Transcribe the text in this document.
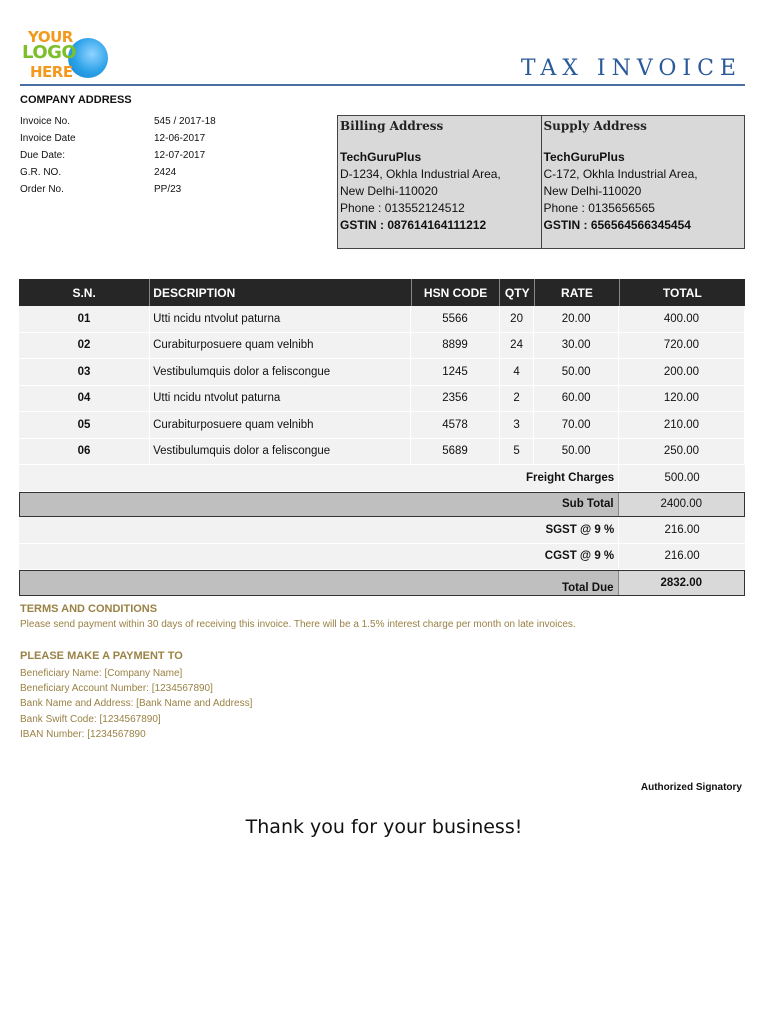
YOUR
LOGO
HERE	TAX INVOICE
COMPANY ADDRESS
Invoice No.	545 / 2017-18
Invoice Date	12-06-2017
Due Date:	12-07-2017
G.R. NO.	2424
Order No.	PP/23
Billing Address
TechGuruPlus
D-1234, Okhla Industrial Area,
New Delhi-110020
Phone : 013552124512
GSTIN : 087614164111212
Supply Address
TechGuruPlus
C-172, Okhla Industrial Area,
New Delhi-110020
Phone : 0135656565
GSTIN : 656564566345454
S.N.	DESCRIPTION	HSN CODE	QTY	RATE	TOTAL
01	Utti ncidu ntvolut paturna	5566	20	20.00	400.00
02	Curabiturposuere quam velnibh	8899	24	30.00	720.00
03	Vestibulumquis dolor a feliscongue	1245	4	50.00	200.00
04	Utti ncidu ntvolut paturna	2356	2	60.00	120.00
05	Curabiturposuere quam velnibh	4578	3	70.00	210.00
06	Vestibulumquis dolor a feliscongue	5689	5	50.00	250.00
Freight Charges	500.00
Sub Total	2400.00
SGST @ 9 %	216.00
CGST @ 9 %	216.00
Total Due	2832.00
TERMS AND CONDITIONS
Please send payment within 30 days of receiving this invoice. There will be a 1.5% interest charge per month on late invoices.
PLEASE MAKE A PAYMENT TO
Beneficiary Name: [Company Name]
Beneficiary Account Number: [1234567890]
Bank Name and Address: [Bank Name and Address]
Bank Swift Code: [1234567890]
IBAN Number: [1234567890
Authorized Signatory
Thank you for your business!
